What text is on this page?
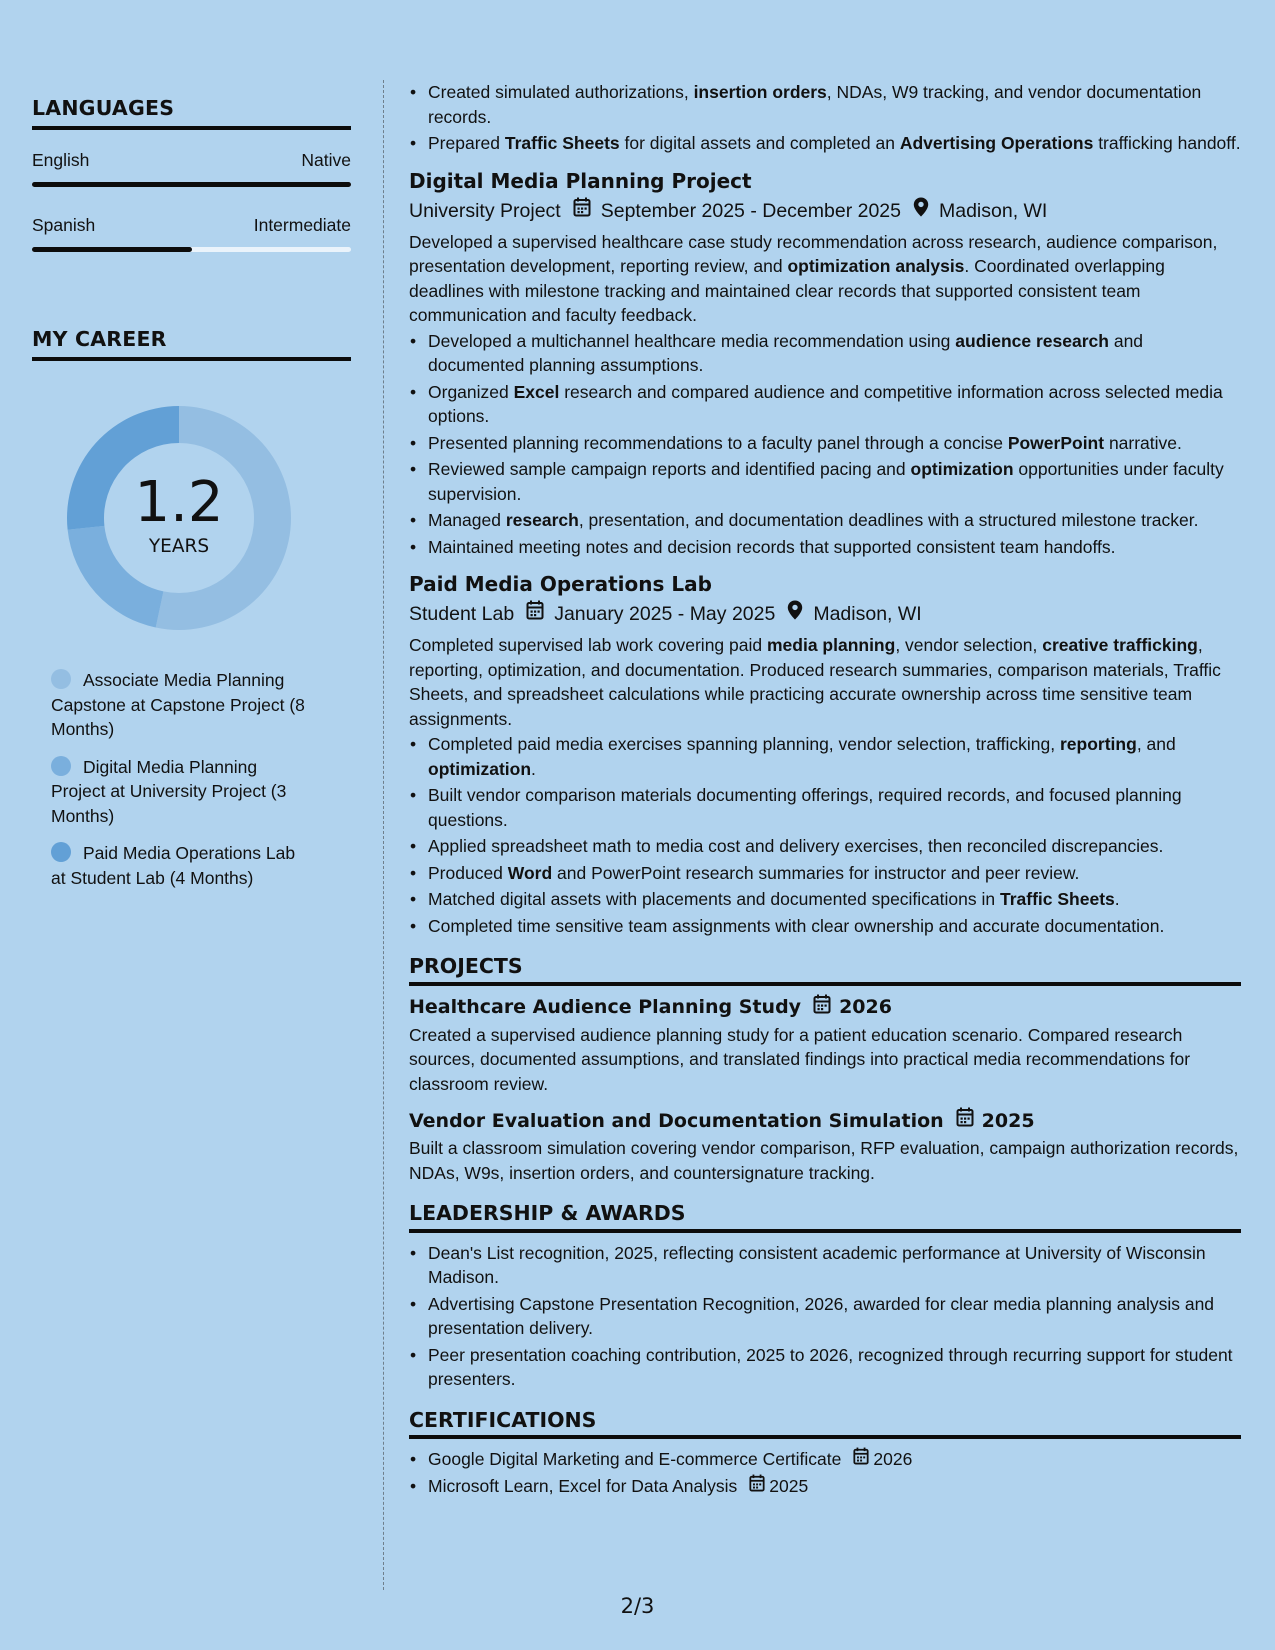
LANGUAGES
English	Native
Spanish	Intermediate
MY CAREER
1.2
YEARS
Associate Media Planning Capstone at Capstone Project (8 Months)
Digital Media Planning Project at University Project (3 Months)
Paid Media Operations Lab at Student Lab (4 Months)
• Created simulated authorizations, insertion orders, NDAs, W9 tracking, and vendor documentation records.
• Prepared Traffic Sheets for digital assets and completed an Advertising Operations trafficking handoff.
Digital Media Planning Project
University Project September 2025 - December 2025 Madison, WI
Developed a supervised healthcare case study recommendation across research, audience comparison, presentation development, reporting review, and optimization analysis. Coordinated overlapping deadlines with milestone tracking and maintained clear records that supported consistent team communication and faculty feedback.
• Developed a multichannel healthcare media recommendation using audience research and documented planning assumptions.
• Organized Excel research and compared audience and competitive information across selected media options.
• Presented planning recommendations to a faculty panel through a concise PowerPoint narrative.
• Reviewed sample campaign reports and identified pacing and optimization opportunities under faculty supervision.
• Managed research, presentation, and documentation deadlines with a structured milestone tracker.
• Maintained meeting notes and decision records that supported consistent team handoffs.
Paid Media Operations Lab
Student Lab January 2025 - May 2025 Madison, WI
Completed supervised lab work covering paid media planning, vendor selection, creative trafficking, reporting, optimization, and documentation. Produced research summaries, comparison materials, Traffic Sheets, and spreadsheet calculations while practicing accurate ownership across time sensitive team assignments.
• Completed paid media exercises spanning planning, vendor selection, trafficking, reporting, and optimization.
• Built vendor comparison materials documenting offerings, required records, and focused planning questions.
• Applied spreadsheet math to media cost and delivery exercises, then reconciled discrepancies.
• Produced Word and PowerPoint research summaries for instructor and peer review.
• Matched digital assets with placements and documented specifications in Traffic Sheets.
• Completed time sensitive team assignments with clear ownership and accurate documentation.
PROJECTS
Healthcare Audience Planning Study 2026
Created a supervised audience planning study for a patient education scenario. Compared research sources, documented assumptions, and translated findings into practical media recommendations for classroom review.
Vendor Evaluation and Documentation Simulation 2025
Built a classroom simulation covering vendor comparison, RFP evaluation, campaign authorization records, NDAs, W9s, insertion orders, and countersignature tracking.
LEADERSHIP & AWARDS
• Dean's List recognition, 2025, reflecting consistent academic performance at University of Wisconsin Madison.
• Advertising Capstone Presentation Recognition, 2026, awarded for clear media planning analysis and presentation delivery.
• Peer presentation coaching contribution, 2025 to 2026, recognized through recurring support for student presenters.
CERTIFICATIONS
• Google Digital Marketing and E-commerce Certificate 2026
• Microsoft Learn, Excel for Data Analysis 2025
2/3
